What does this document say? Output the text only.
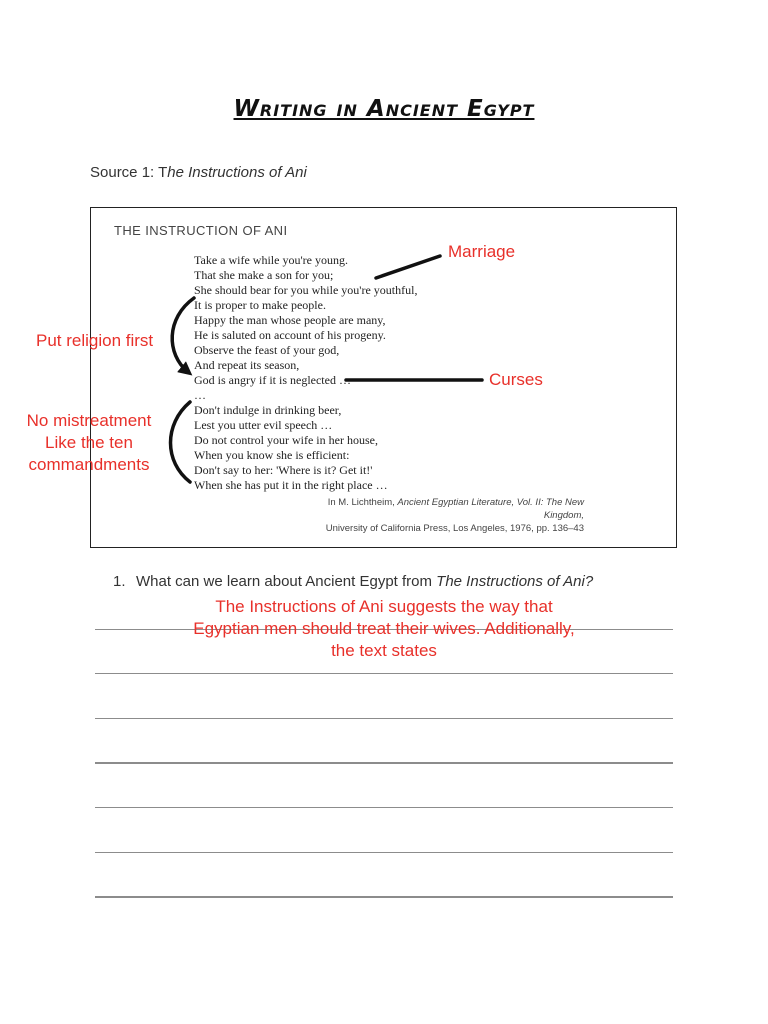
Writing in Ancient Egypt
Source 1: The Instructions of Ani
THE INSTRUCTION OF ANI
Take a wife while you're young.
That she make a son for you;
She should bear for you while you're youthful,
It is proper to make people.
Happy the man whose people are many,
He is saluted on account of his progeny.
Observe the feast of your god,
And repeat its season,
God is angry if it is neglected …
…
Don't indulge in drinking beer,
Lest you utter evil speech …
Do not control your wife in her house,
When you know she is efficient:
Don't say to her: 'Where is it? Get it!'
When she has put it in the right place …
In M. Lichtheim, Ancient Egyptian Literature, Vol. II: The New Kingdom,
University of California Press, Los Angeles, 1976, pp. 136–43
Marriage
Put religion first
Curses
No mistreatment
Like the ten
commandments
1. What can we learn about Ancient Egypt from The Instructions of Ani?
The Instructions of Ani suggests the way that
Egyptian men should treat their wives. Additionally,
the text states
